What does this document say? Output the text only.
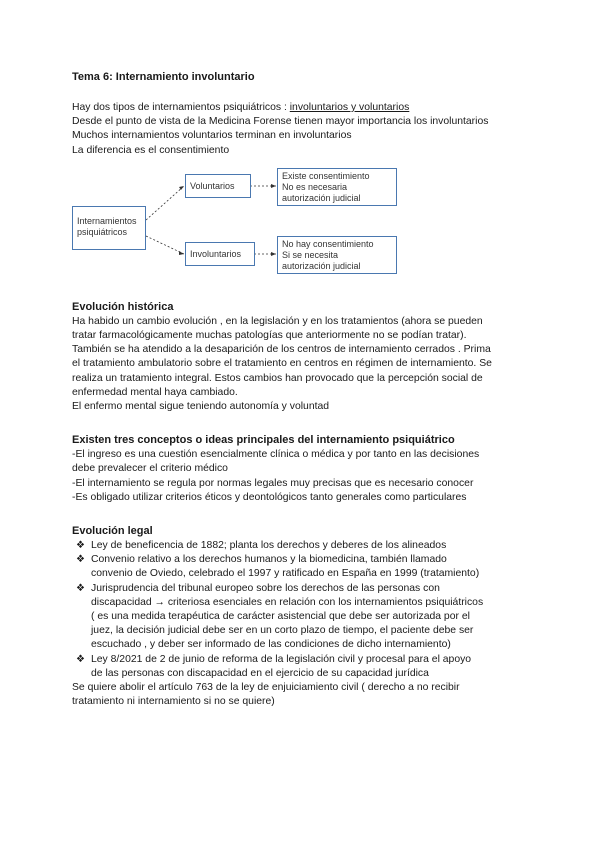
Tema 6: Internamiento involuntario

Hay dos tipos de internamientos psiquiátricos : involuntarios y voluntarios

Desde el punto de vista de la Medicina Forense tienen mayor importancia los involuntarios

Muchos internamientos voluntarios terminan en involuntarios

La diferencia es el consentimiento

Internamientos psiquiátricos
Voluntarios
Involuntarios
Existe consentimiento
No es necesaria
autorización judicial
No hay consentimiento
Si se necesita
autorización judicial

Evolución histórica

Ha habido un cambio evolución , en la legislación y en los tratamientos (ahora se pueden

tratar farmacológicamente muchas patologías que anteriormente no se podían tratar).

También se ha atendido a la desaparición de los centros de internamiento cerrados . Prima

el tratamiento ambulatorio sobre el tratamiento en centros en régimen de internamiento. Se

realiza un tratamiento integral. Estos cambios han provocado que la percepción social de

enfermedad mental haya cambiado.

El enfermo mental sigue teniendo autonomía y voluntad

Existen tres conceptos o ideas principales del internamiento psiquiátrico

-El ingreso es una cuestión esencialmente clínica o médica y por tanto en las decisiones

debe prevalecer el criterio médico

-El internamiento se regula por normas legales muy precisas que es necesario conocer

-Es obligado utilizar criterios éticos y deontológicos tanto generales como particulares

Evolución legal

❖ Ley de beneficencia de 1882; planta los derechos y deberes de los alineados
❖ Convenio relativo a los derechos humanos y la biomedicina, también llamado
convenio de Oviedo, celebrado el 1997 y ratificado en España en 1999 (tratamiento)
❖ Jurisprudencia del tribunal europeo sobre los derechos de las personas con
discapacidad → criteriosa esenciales en relación con los internamientos psiquiátricos
( es una medida terapéutica de carácter asistencial que debe ser autorizada por el
juez, la decisión judicial debe ser en un corto plazo de tiempo, el paciente debe ser
escuchado , y deber ser informado de las condiciones de dicho internamiento)
❖ Ley 8/2021 de 2 de junio de reforma de la legislación civil y procesal para el apoyo
de las personas con discapacidad en el ejercicio de su capacidad jurídica

Se quiere abolir el artículo 763 de la ley de enjuiciamiento civil ( derecho a no recibir

tratamiento ni internamiento si no se quiere)
